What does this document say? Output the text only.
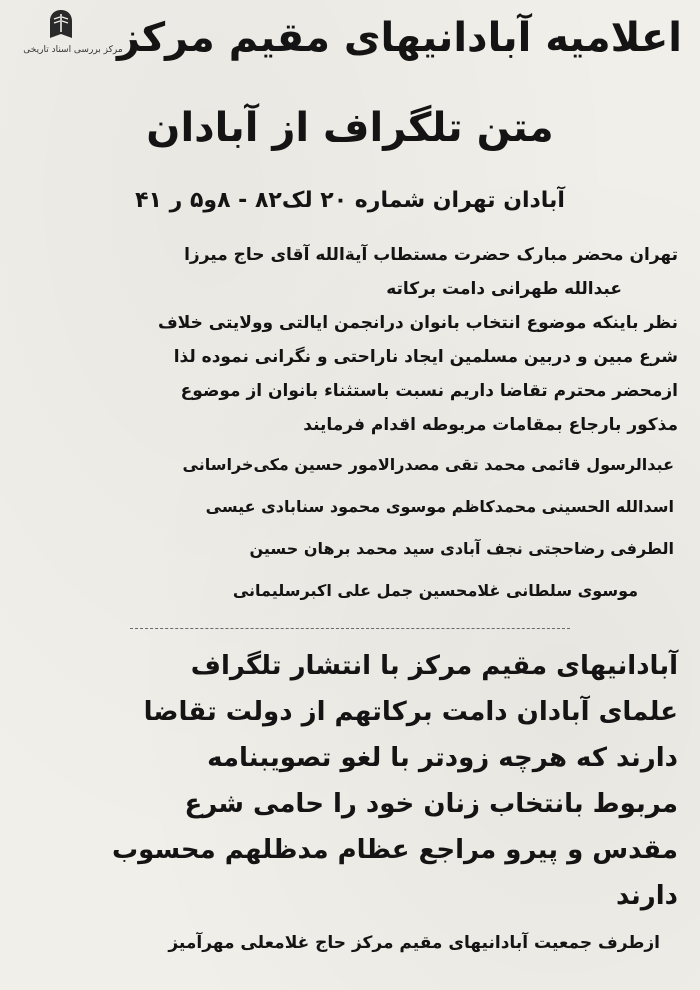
مرکز بررسی اسناد تاریخی
اعلامیه آبادانیهای مقیم مرکز
متن تلگراف از آبادان
آبادان تهران شماره ۲۰ لک۸۲ - ۸و۵ ر ۴۱
تهران محضر مبارک حضرت مستطاب آیة‌الله آقای حاج میرزا
عبدالله طهرانی دامت برکاته
نظر باینکه موضوع انتخاب بانوان درانجمن ایالتی وولایتی خلاف
شرع مبین و دربین مسلمین ایجاد ناراحتی و نگرانی نموده لذا
ازمحضر محترم تقاضا داریم نسبت باستثناء بانوان از موضوع
مذکور بارجاع بمقامات مربوطه اقدام فرمایند
عبدالرسول قائمی محمد تقی مصدرالامور حسین مکی‌خراسانی
اسدالله الحسینی محمدکاظم موسوی محمود سنابادی عیسی
الطرفی رضاحجتی نجف آبادی سید محمد برهان حسین
موسوی سلطانی غلامحسین جمل علی اکبرسلیمانی
آبادانیهای مقیم مرکز با انتشار تلگراف
علمای آبادان دامت برکاتهم از دولت تقاضا
دارند که هرچه زودتر با لغو تصویبنامه
مربوط بانتخاب زنان خود را حامی شرع
مقدس و پیرو مراجع عظام مدظلهم محسوب
دارند
ازطرف جمعیت آبادانیهای مقیم مرکز حاج غلامعلی مهرآمیز
